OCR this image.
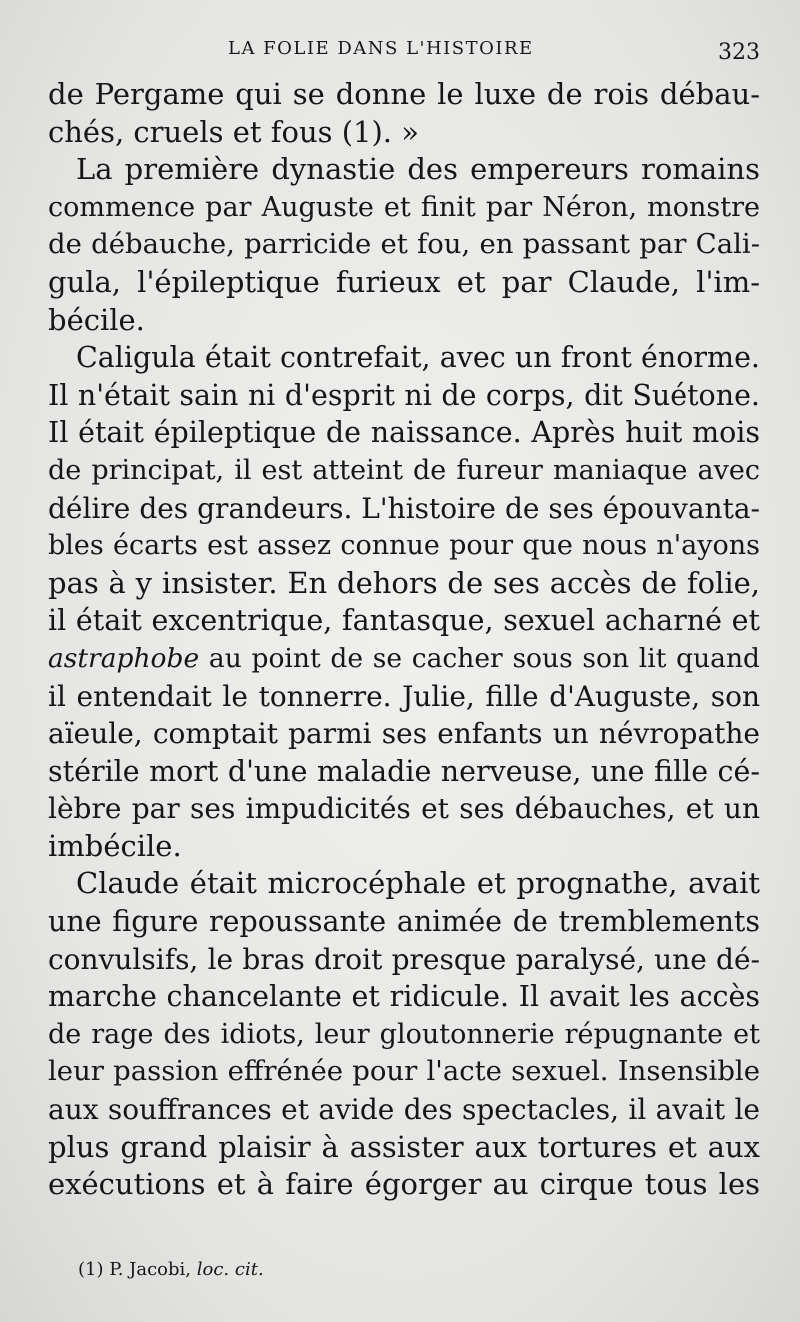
LA FOLIE DANS L'HISTOIRE	323
de Pergame qui se donne le luxe de rois débau-
chés, cruels et fous (1). »
La première dynastie des empereurs romains
commence par Auguste et finit par Néron, monstre
de débauche, parricide et fou, en passant par Cali-
gula, l'épileptique furieux et par Claude, l'im-
bécile.
Caligula était contrefait, avec un front énorme.
Il n'était sain ni d'esprit ni de corps, dit Suétone.
Il était épileptique de naissance. Après huit mois
de principat, il est atteint de fureur maniaque avec
délire des grandeurs. L'histoire de ses épouvanta-
bles écarts est assez connue pour que nous n'ayons
pas à y insister. En dehors de ses accès de folie,
il était excentrique, fantasque, sexuel acharné et
astraphobe au point de se cacher sous son lit quand
il entendait le tonnerre. Julie, fille d'Auguste, son
aïeule, comptait parmi ses enfants un névropathe
stérile mort d'une maladie nerveuse, une fille cé-
lèbre par ses impudicités et ses débauches, et un
imbécile.
Claude était microcéphale et prognathe, avait
une figure repoussante animée de tremblements
convulsifs, le bras droit presque paralysé, une dé-
marche chancelante et ridicule. Il avait les accès
de rage des idiots, leur gloutonnerie répugnante et
leur passion effrénée pour l'acte sexuel. Insensible
aux souffrances et avide des spectacles, il avait le
plus grand plaisir à assister aux tortures et aux
exécutions et à faire égorger au cirque tous les
(1) P. Jacobi, loc. cit.
